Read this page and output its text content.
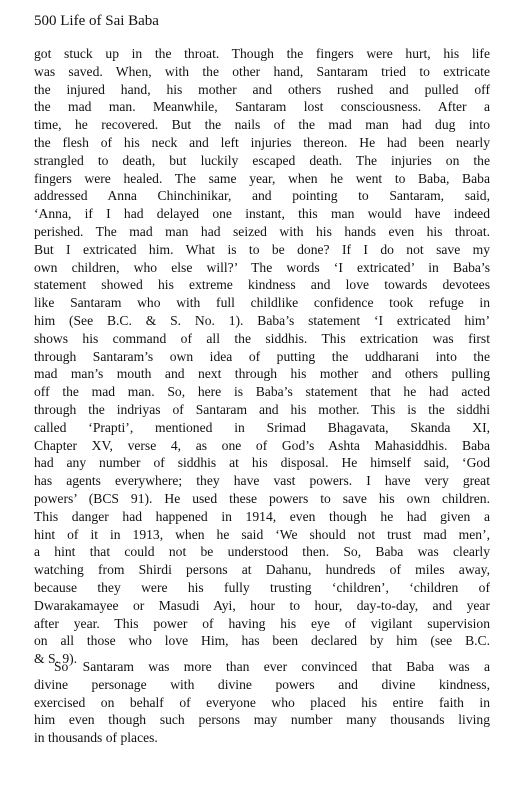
500 Life of Sai Baba
got stuck up in the throat. Though the fingers were hurt, his life
was saved. When, with the other hand, Santaram tried to extricate
the injured hand, his mother and others rushed and pulled off
the mad man. Meanwhile, Santaram lost consciousness. After a
time, he recovered. But the nails of the mad man had dug into
the flesh of his neck and left injuries thereon. He had been nearly
strangled to death, but luckily escaped death. The injuries on the
fingers were healed. The same year, when he went to Baba, Baba
addressed Anna Chinchinikar, and pointing to Santaram, said,
‘Anna, if I had delayed one instant, this man would have indeed
perished. The mad man had seized with his hands even his throat.
But I extricated him. What is to be done? If I do not save my
own children, who else will?’ The words ‘I extricated’ in Baba’s
statement showed his extreme kindness and love towards devotees
like Santaram who with full childlike confidence took refuge in
him (See B.C. & S. No. 1). Baba’s statement ‘I extricated him’
shows his command of all the siddhis. This extrication was first
through Santaram’s own idea of putting the uddharani into the
mad man’s mouth and next through his mother and others pulling
off the mad man. So, here is Baba’s statement that he had acted
through the indriyas of Santaram and his mother. This is the siddhi
called ‘Prapti’, mentioned in Srimad Bhagavata, Skanda XI,
Chapter XV, verse 4, as one of God’s Ashta Mahasiddhis. Baba
had any number of siddhis at his disposal. He himself said, ‘God
has agents everywhere; they have vast powers. I have very great
powers’ (BCS 91). He used these powers to save his own children.
This danger had happened in 1914, even though he had given a
hint of it in 1913, when he said ‘We should not trust mad men’,
a hint that could not be understood then. So, Baba was clearly
watching from Shirdi persons at Dahanu, hundreds of miles away,
because they were his fully trusting ‘children’, ‘children of
Dwarakamayee or Masudi Ayi, hour to hour, day-to-day, and year
after year. This power of having his eye of vigilant supervision
on all those who love Him, has been declared by him (see B.C.
& S. 9).
So Santaram was more than ever convinced that Baba was a
divine personage with divine powers and divine kindness,
exercised on behalf of everyone who placed his entire faith in
him even though such persons may number many thousands living
in thousands of places.
